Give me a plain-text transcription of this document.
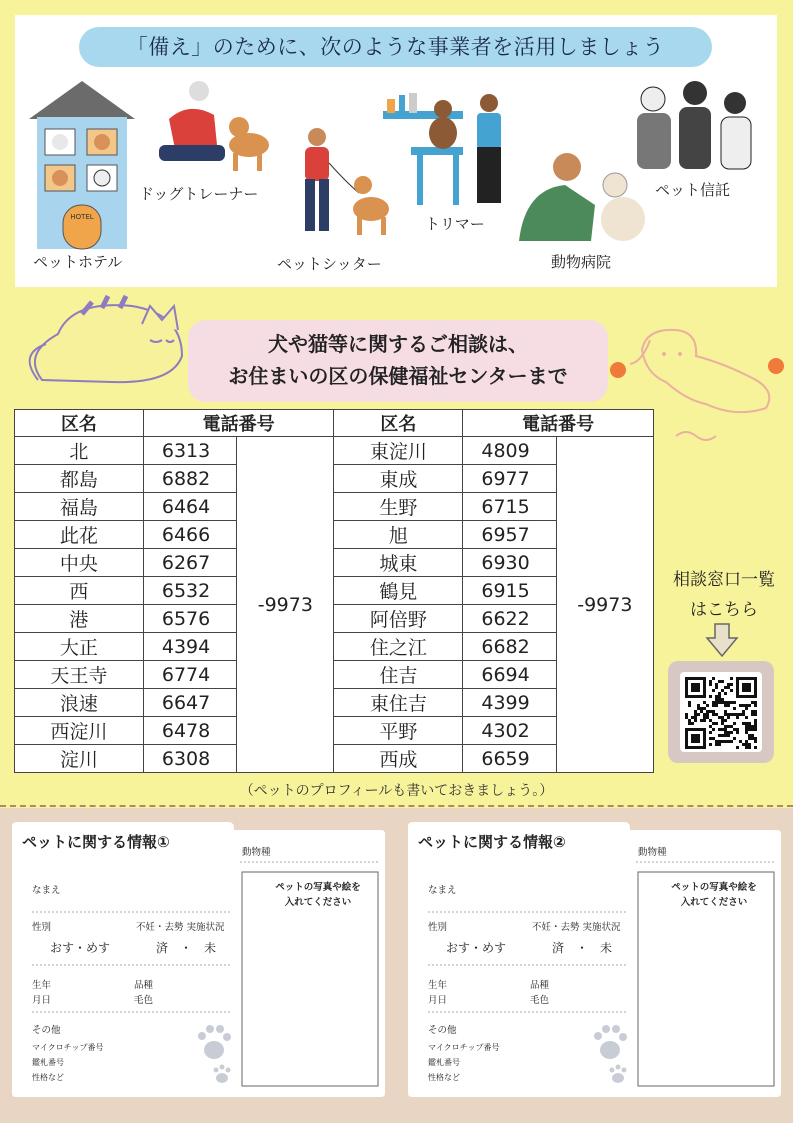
「備え」のために、次のような事業者を活用しましょう
HOTEL
ペットホテル
ドッグトレーナー
ペットシッター
トリマー
動物病院
ペット信託
犬や猫等に関するご相談は、
お住まいの区の保健福祉センターまで
区名	電話番号		区名	電話番号	
北	6313	-9973	東淀川	4809	-9973
都島	6882		東成	6977	
福島	6464		生野	6715	
此花	6466		旭	6957	
中央	6267		城東	6930	
西	6532		鶴見	6915	
港	6576		阿倍野	6622	
大正	4394		住之江	6682	
天王寺	6774		住吉	6694	
浪速	6647		東住吉	4399	
西淀川	6478		平野	4302	
淀川	6308		西成	6659	
相談窓口一覧
はこちら
（ペットのプロフィールも書いておきましょう。）
ペットに関する情報①
動物種
なまえ
性別	不妊・去勢 実施状況
おす・めす	済　・　未
生年
月日
品種
毛色
その他
マイクロチップ番号
鑑札番号
性格など
ペットの写真や絵を
入れてください
ペットに関する情報②
動物種
なまえ
性別	不妊・去勢 実施状況
おす・めす	済　・　未
生年
月日
品種
毛色
その他
マイクロチップ番号
鑑札番号
性格など
ペットの写真や絵を
入れてください
